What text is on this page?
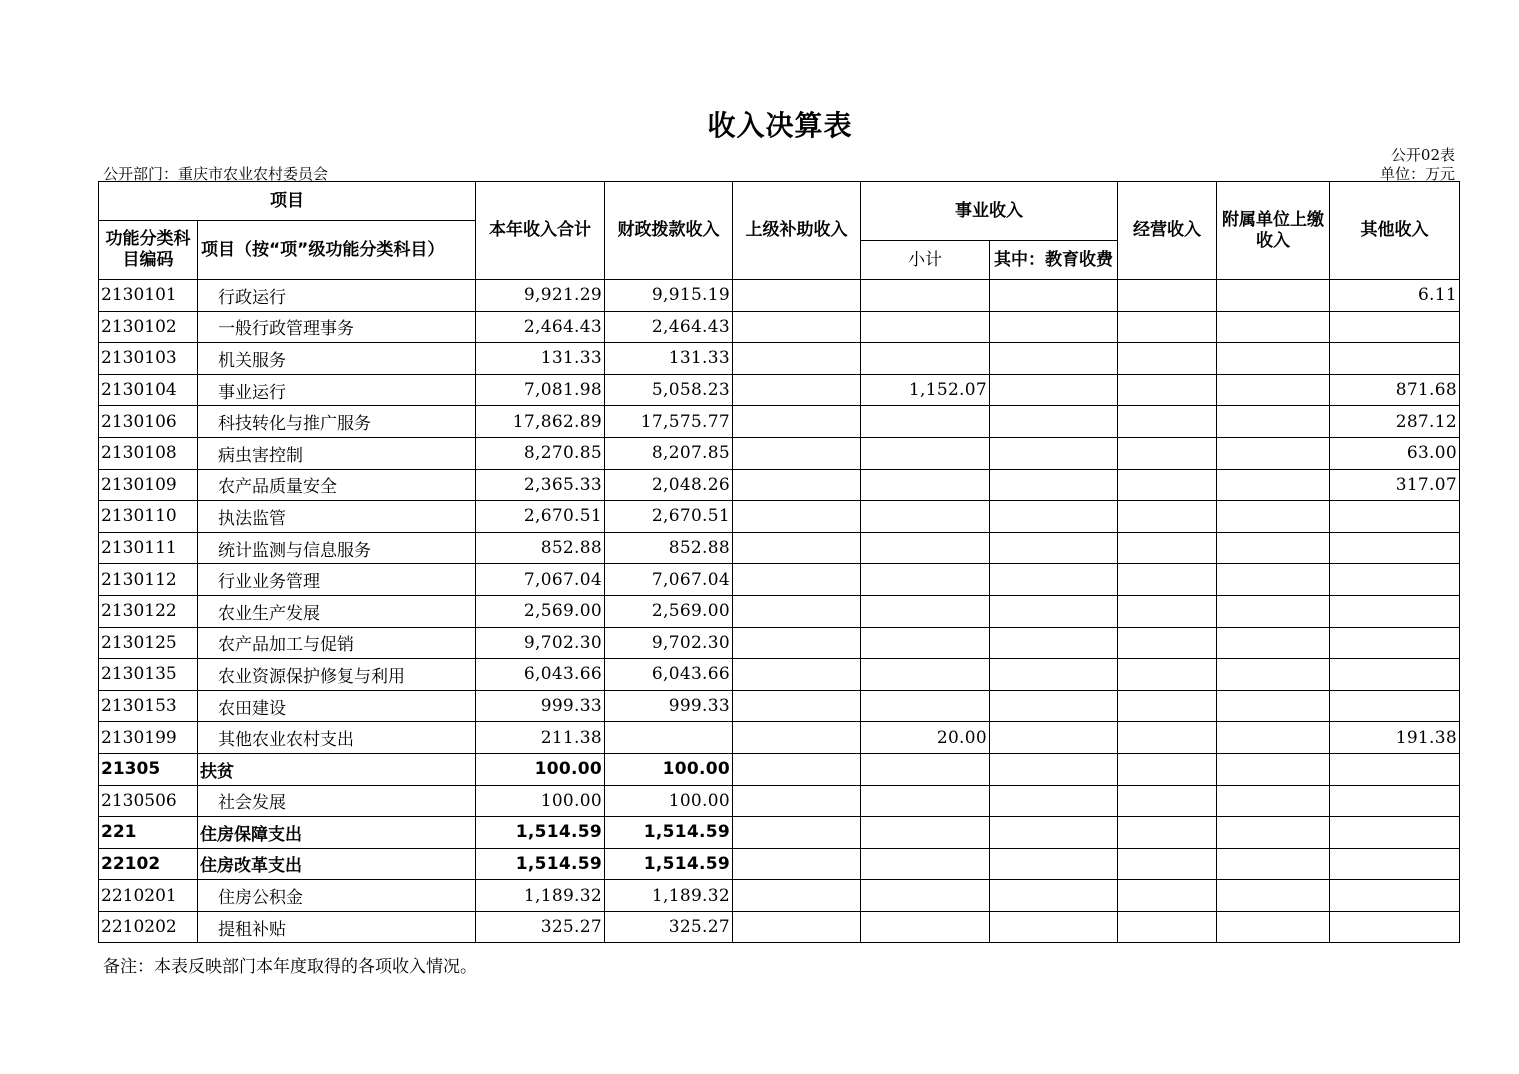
收入决算表
公开02表
公开部门：重庆市农业农村委员会	单位：万元
项目		本年收入合计	财政拨款收入	上级补助收入	事业收入		经营收入	附属单位上缴收入	其他收入
功能分类科目编码	项目（按“项”级功能分类科目）								
					小计	其中：教育收费			
2130101	行政运行	9,921.29	9,915.19						6.11
2130102	一般行政管理事务	2,464.43	2,464.43						
2130103	机关服务	131.33	131.33						
2130104	事业运行	7,081.98	5,058.23		1,152.07				871.68
2130106	科技转化与推广服务	17,862.89	17,575.77						287.12
2130108	病虫害控制	8,270.85	8,207.85						63.00
2130109	农产品质量安全	2,365.33	2,048.26						317.07
2130110	执法监管	2,670.51	2,670.51						
2130111	统计监测与信息服务	852.88	852.88						
2130112	行业业务管理	7,067.04	7,067.04						
2130122	农业生产发展	2,569.00	2,569.00						
2130125	农产品加工与促销	9,702.30	9,702.30						
2130135	农业资源保护修复与利用	6,043.66	6,043.66						
2130153	农田建设	999.33	999.33						
2130199	其他农业农村支出	211.38			20.00				191.38
21305	扶贫	100.00	100.00						
2130506	社会发展	100.00	100.00						
221	住房保障支出	1,514.59	1,514.59						
22102	住房改革支出	1,514.59	1,514.59						
2210201	住房公积金	1,189.32	1,189.32						
2210202	提租补贴	325.27	325.27						
备注：本表反映部门本年度取得的各项收入情况。
